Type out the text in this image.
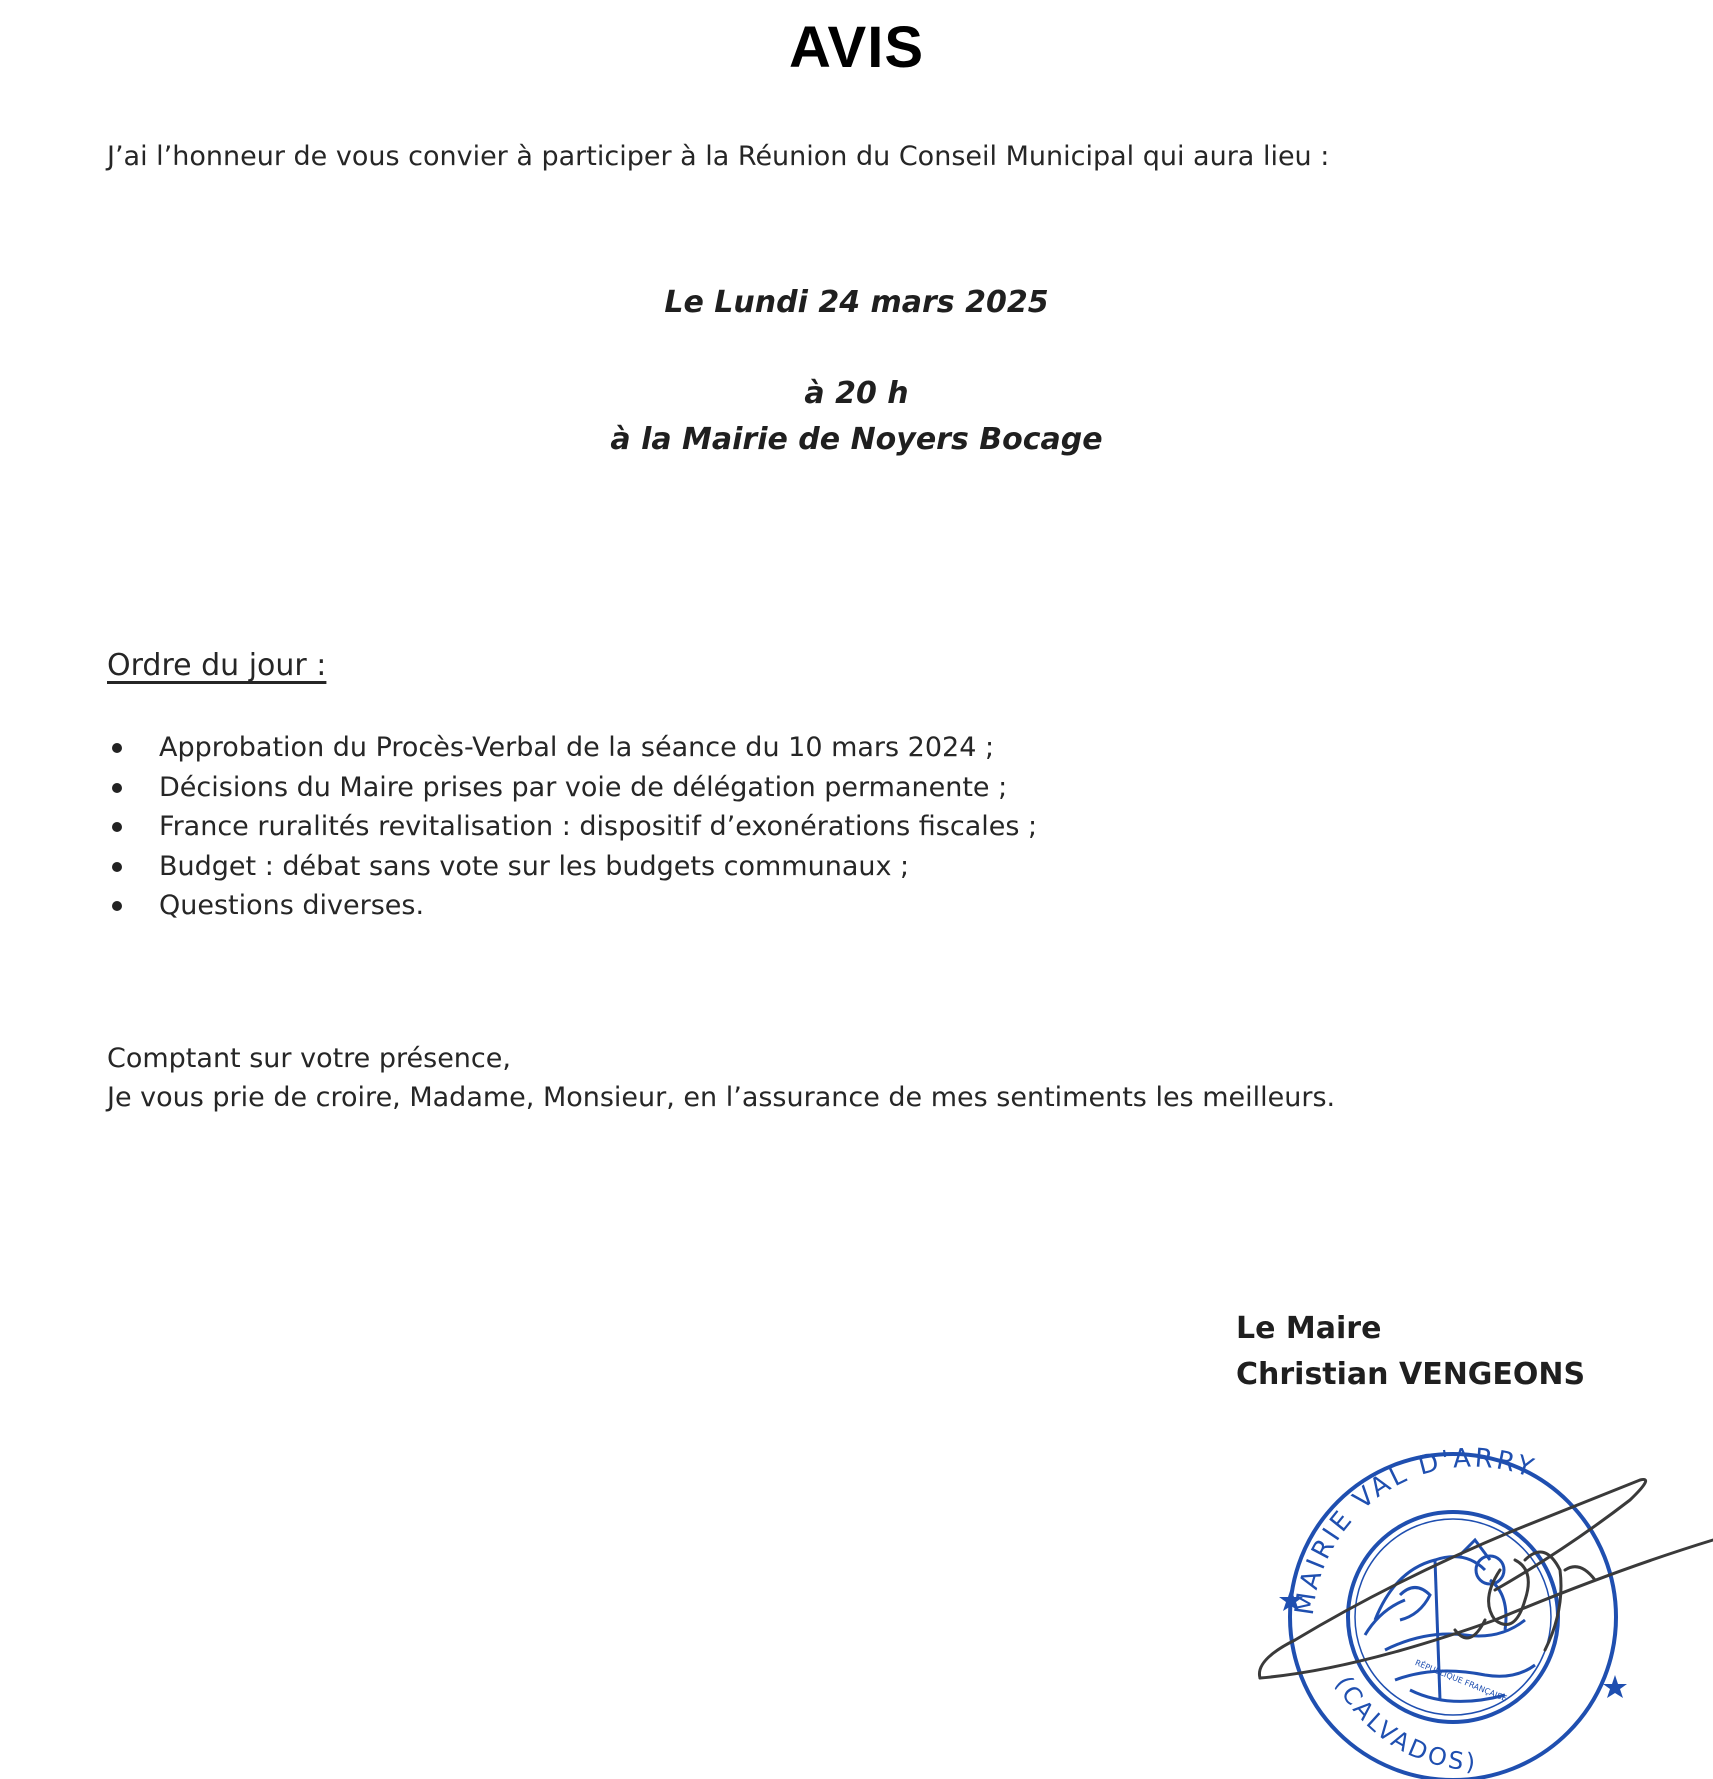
AVIS
J’ai l’honneur de vous convier à participer à la Réunion du Conseil Municipal qui aura lieu :
Le Lundi 24 mars 2025
à 20 h
à la Mairie de Noyers Bocage
Ordre du jour :
Approbation du Procès-Verbal de la séance du 10 mars 2024 ;
Décisions du Maire prises par voie de délégation permanente ;
France ruralités revitalisation : dispositif d’exonérations fiscales ;
Budget : débat sans vote sur les budgets communaux ;
Questions diverses.
Comptant sur votre présence,
Je vous prie de croire, Madame, Monsieur, en l’assurance de mes sentiments les meilleurs.
Le Maire
Christian VENGEONS
MAIRIE VAL D'ARRY
(CALVADOS)
RÉPUBLIQUE FRANÇAISE
